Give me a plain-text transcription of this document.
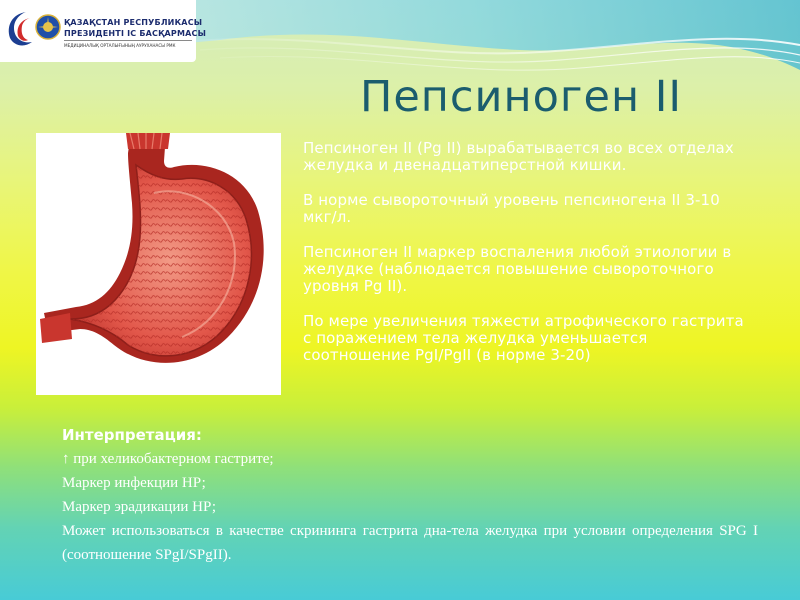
ҚАЗАҚСТАН РЕСПУБЛИКАСЫ
ПРЕЗИДЕНТІ ІС БАСҚАРМАСЫ
МЕДИЦИНАЛЫҚ ОРТАЛЫҒЫНЫҢ АУРУХАНАСЫ РМК
Пепсиноген II

Пепсиноген II (Pg II) вырабатывается во всех отделах желудка и двенадцатиперстной кишки.

В норме сывороточный уровень пепсиногена II 3-10 мкг/л.

Пепсиноген II маркер воспаления любой этиологии в желудке (наблюдается повышение сывороточного уровня Pg II).

По мере увеличения тяжести атрофического гастрита с поражением тела желудка уменьшается соотношение PgI/PgII (в норме 3-20)

Интерпретация:
↑ при хеликобактерном гастрите;
Маркер инфекции НР;
Маркер эрадикации НР;
Может использоваться в качестве скрининга гастрита дна-тела желудка при условии определения SPG I (соотношение SPgI/SPgII).
